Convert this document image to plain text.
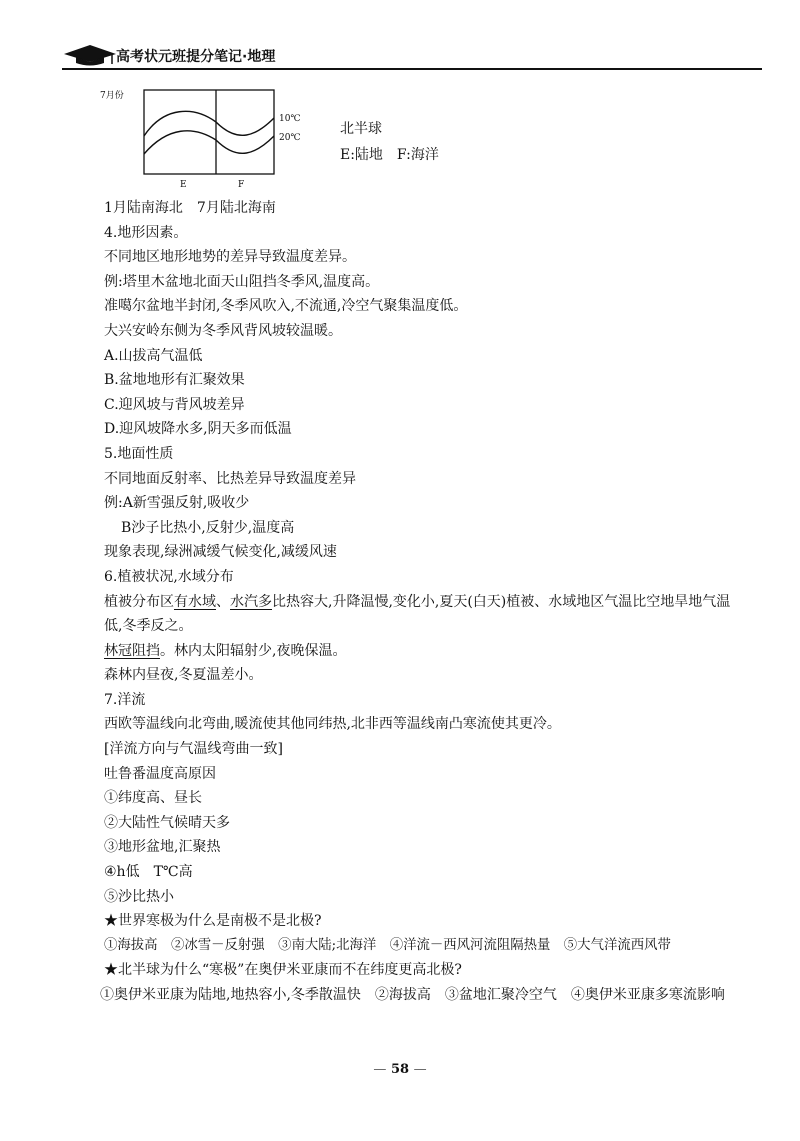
高考状元班提分笔记·地理
7月份
10℃
20℃
E	F
北半球
E:陆地　F:海洋
1月陆南海北　7月陆北海南
4.地形因素。
不同地区地形地势的差异导致温度差异。
例:塔里木盆地北面天山阻挡冬季风,温度高。
准噶尔盆地半封闭,冬季风吹入,不流通,冷空气聚集温度低。
大兴安岭东侧为冬季风背风坡较温暖。
A.山拔高气温低
B.盆地地形有汇聚效果
C.迎风坡与背风坡差异
D.迎风坡降水多,阴天多而低温
5.地面性质
不同地面反射率、比热差异导致温度差异
例:A新雪强反射,吸收少
B沙子比热小,反射少,温度高
现象表现,绿洲减缓气候变化,减缓风速
6.植被状况,水域分布
植被分布区有水域、水汽多比热容大,升降温慢,变化小,夏天(白天)植被、水域地区气温比空地旱地气温低,冬季反之。
林冠阻挡。林内太阳辐射少,夜晚保温。
森林内昼夜,冬夏温差小。
7.洋流
西欧等温线向北弯曲,暖流使其他同纬热,北非西等温线南凸寒流使其更冷。
[洋流方向与气温线弯曲一致]
吐鲁番温度高原因
①纬度高、昼长
②大陆性气候晴天多
③地形盆地,汇聚热
④h低　T℃高
⑤沙比热小
★世界寒极为什么是南极不是北极?
①海拔高　②冰雪－反射强　③南大陆;北海洋　④洋流－西风河流阻隔热量　⑤大气洋流西风带
★北半球为什么“寒极”在奥伊米亚康而不在纬度更高北极?
①奥伊米亚康为陆地,地热容小,冬季散温快　②海拔高　③盆地汇聚冷空气　④奥伊米亚康多寒流影响
— 58 —
